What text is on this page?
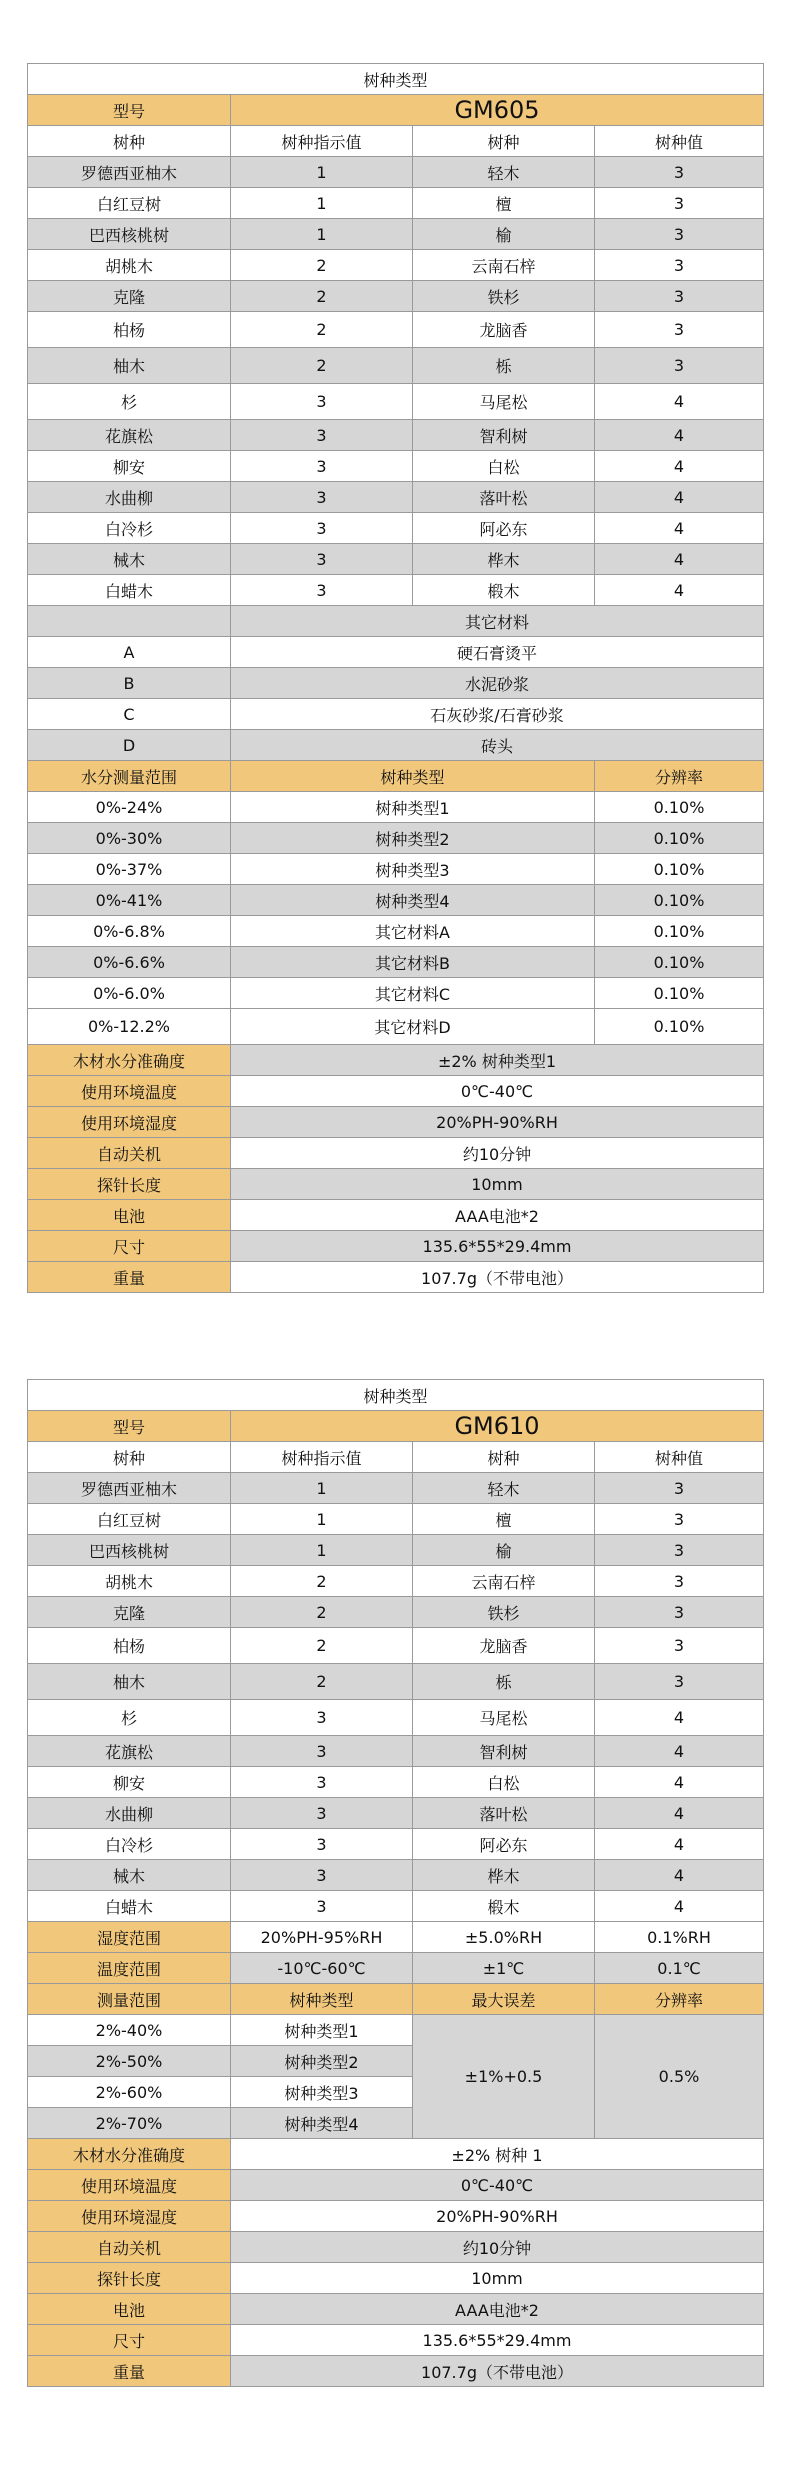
树种类型			
型号	GM605		
树种	树种指示值	树种	树种值
罗德西亚柚木	1	轻木	3
白红豆树	1	檀	3
巴西核桃树	1	榆	3
胡桃木	2	云南石梓	3
克隆	2	铁杉	3
柏杨	2	龙脑香	3
柚木	2	栎	3
杉	3	马尾松	4
花旗松	3	智利树	4
柳安	3	白松	4
水曲柳	3	落叶松	4
白冷杉	3	阿必东	4
械木	3	桦木	4
白蜡木	3	椴木	4
	其它材料		
A	硬石膏烫平		
B	水泥砂浆		
C	石灰砂浆/石膏砂浆		
D	砖头		
水分测量范围	树种类型		分辨率
0%-24%	树种类型1		0.10%
0%-30%	树种类型2		0.10%
0%-37%	树种类型3		0.10%
0%-41%	树种类型4		0.10%
0%-6.8%	其它材料A		0.10%
0%-6.6%	其它材料B		0.10%
0%-6.0%	其它材料C		0.10%
0%-12.2%	其它材料D		0.10%
木材水分准确度	±2% 树种类型1		
使用环境温度	0℃-40℃		
使用环境湿度	20%PH-90%RH		
自动关机	约10分钟		
探针长度	10mm		
电池	AAA电池*2		
尺寸	135.6*55*29.4mm		
重量	107.7g（不带电池）		
树种类型			
型号	GM610		
树种	树种指示值	树种	树种值
罗德西亚柚木	1	轻木	3
白红豆树	1	檀	3
巴西核桃树	1	榆	3
胡桃木	2	云南石梓	3
克隆	2	铁杉	3
柏杨	2	龙脑香	3
柚木	2	栎	3
杉	3	马尾松	4
花旗松	3	智利树	4
柳安	3	白松	4
水曲柳	3	落叶松	4
白冷杉	3	阿必东	4
械木	3	桦木	4
白蜡木	3	椴木	4
湿度范围	20%PH-95%RH	±5.0%RH	0.1%RH
温度范围	-10℃-60℃	±1℃	0.1℃
测量范围	树种类型	最大误差	分辨率
2%-40%	树种类型1	±1%+0.5	0.5%
2%-50%	树种类型2		
2%-60%	树种类型3		
2%-70%	树种类型4		
木材水分准确度	±2% 树种 1		
使用环境温度	0℃-40℃		
使用环境湿度	20%PH-90%RH		
自动关机	约10分钟		
探针长度	10mm		
电池	AAA电池*2		
尺寸	135.6*55*29.4mm		
重量	107.7g（不带电池）		
